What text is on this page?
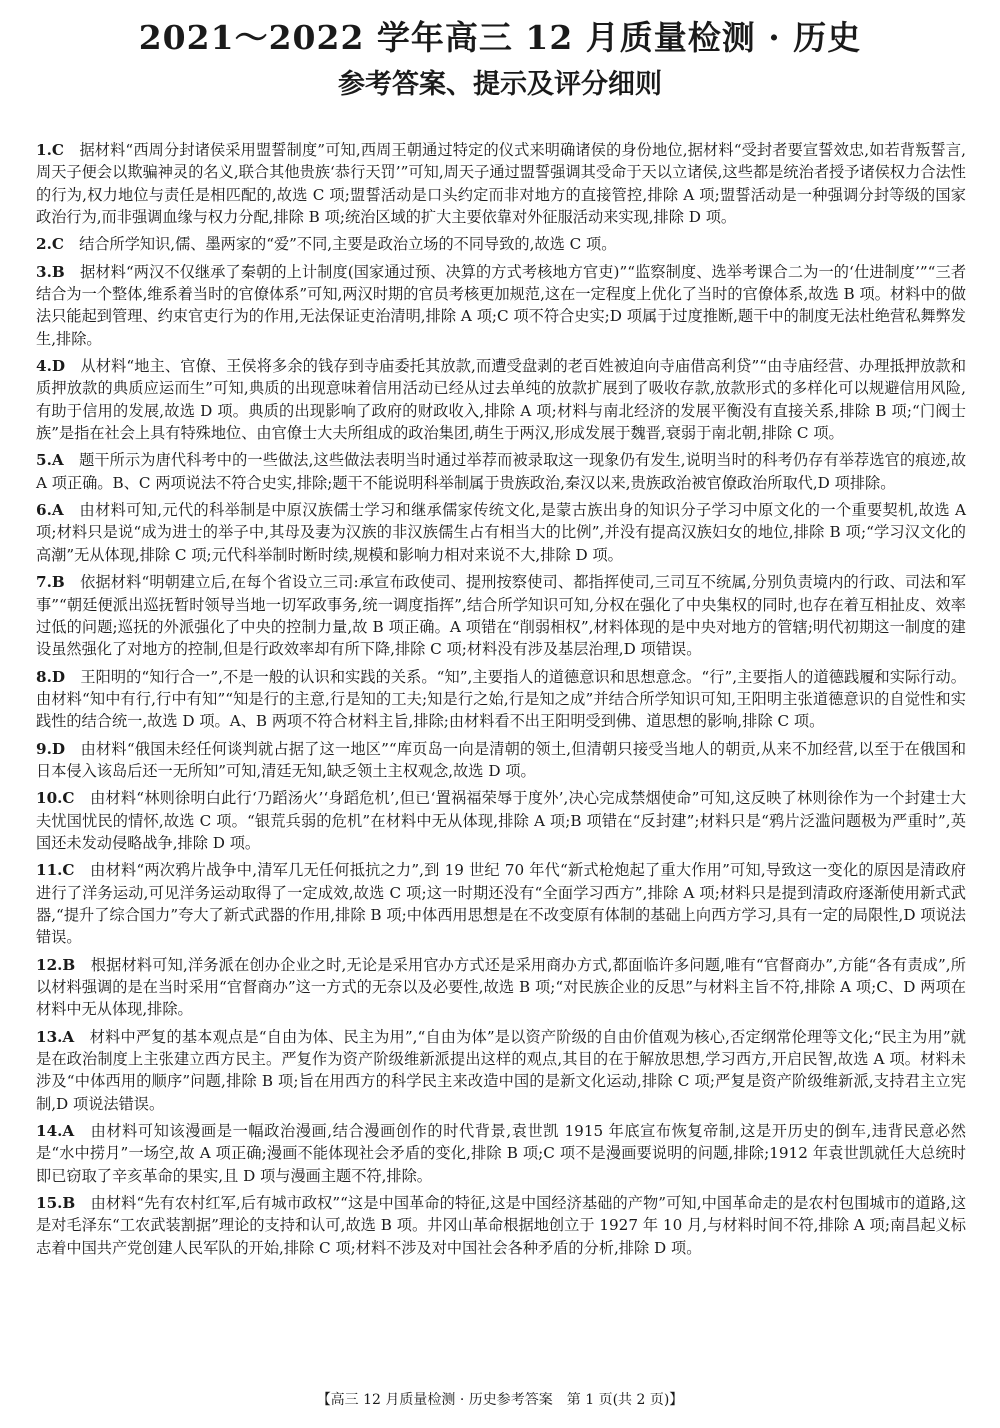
2021～2022 学年高三 12 月质量检测 · 历史
参考答案、提示及评分细则

1.C　 据材料“西周分封诸侯采用盟誓制度”可知,西周王朝通过特定的仪式来明确诸侯的身份地位,据材料“受封者要宣誓效忠,如若背叛誓言,周天子便会以欺骗神灵的名义,联合其他贵族‘恭行天罚’”可知,周天子通过盟誓强调其受命于天以立诸侯,这些都是统治者授予诸侯权力合法性的行为,权力地位与责任是相匹配的,故选 C 项;盟誓活动是口头约定而非对地方的直接管控,排除 A 项;盟誓活动是一种强调分封等级的国家政治行为,而非强调血缘与权力分配,排除 B 项;统治区域的扩大主要依靠对外征服活动来实现,排除 D 项。

2.C　 结合所学知识,儒、墨两家的“爱”不同,主要是政治立场的不同导致的,故选 C 项。

3.B　 据材料“两汉不仅继承了秦朝的上计制度(国家通过预、决算的方式考核地方官吏)”“监察制度、选举考课合二为一的‘仕进制度’”“三者结合为一个整体,维系着当时的官僚体系”可知,两汉时期的官员考核更加规范,这在一定程度上优化了当时的官僚体系,故选 B 项。材料中的做法只能起到管理、约束官吏行为的作用,无法保证吏治清明,排除 A 项;C 项不符合史实;D 项属于过度推断,题干中的制度无法杜绝营私舞弊发生,排除。

4.D　 从材料“地主、官僚、王侯将多余的钱存到寺庙委托其放款,而遭受盘剥的老百姓被迫向寺庙借高利贷”“由寺庙经营、办理抵押放款和质押放款的典质应运而生”可知,典质的出现意味着信用活动已经从过去单纯的放款扩展到了吸收存款,放款形式的多样化可以规避信用风险,有助于信用的发展,故选 D 项。典质的出现影响了政府的财政收入,排除 A 项;材料与南北经济的发展平衡没有直接关系,排除 B 项;“门阀士族”是指在社会上具有特殊地位、由官僚士大夫所组成的政治集团,萌生于两汉,形成发展于魏晋,衰弱于南北朝,排除 C 项。

5.A　 题干所示为唐代科考中的一些做法,这些做法表明当时通过举荐而被录取这一现象仍有发生,说明当时的科考仍存有举荐选官的痕迹,故 A 项正确。B、C 两项说法不符合史实,排除;题干不能说明科举制属于贵族政治,秦汉以来,贵族政治被官僚政治所取代,D 项排除。

6.A　 由材料可知,元代的科举制是中原汉族儒士学习和继承儒家传统文化,是蒙古族出身的知识分子学习中原文化的一个重要契机,故选 A 项;材料只是说“成为进士的举子中,其母及妻为汉族的非汉族儒生占有相当大的比例”,并没有提高汉族妇女的地位,排除 B 项;“学习汉文化的高潮”无从体现,排除 C 项;元代科举制时断时续,规模和影响力相对来说不大,排除 D 项。

7.B　 依据材料“明朝建立后,在每个省设立三司:承宣布政使司、提刑按察使司、都指挥使司,三司互不统属,分别负责境内的行政、司法和军事”“朝廷便派出巡抚暂时领导当地一切军政事务,统一调度指挥”,结合所学知识可知,分权在强化了中央集权的同时,也存在着互相扯皮、效率过低的问题;巡抚的外派强化了中央的控制力量,故 B 项正确。A 项错在“削弱相权”,材料体现的是中央对地方的管辖;明代初期这一制度的建设虽然强化了对地方的控制,但是行政效率却有所下降,排除 C 项;材料没有涉及基层治理,D 项错误。

8.D　 王阳明的“知行合一”,不是一般的认识和实践的关系。“知”,主要指人的道德意识和思想意念。“行”,主要指人的道德践履和实际行动。由材料“知中有行,行中有知”“知是行的主意,行是知的工夫;知是行之始,行是知之成”并结合所学知识可知,王阳明主张道德意识的自觉性和实践性的结合统一,故选 D 项。A、B 两项不符合材料主旨,排除;由材料看不出王阳明受到佛、道思想的影响,排除 C 项。

9.D　 由材料“俄国未经任何谈判就占据了这一地区”“库页岛一向是清朝的领土,但清朝只接受当地人的朝贡,从来不加经营,以至于在俄国和日本侵入该岛后还一无所知”可知,清廷无知,缺乏领土主权观念,故选 D 项。

10.C　 由材料“林则徐明白此行‘乃蹈汤火’‘身蹈危机’,但已‘置祸福荣辱于度外’,决心完成禁烟使命”可知,这反映了林则徐作为一个封建士大夫忧国忧民的情怀,故选 C 项。“银荒兵弱的危机”在材料中无从体现,排除 A 项;B 项错在“反封建”;材料只是“鸦片泛滥问题极为严重时”,英国还未发动侵略战争,排除 D 项。

11.C　 由材料“两次鸦片战争中,清军几无任何抵抗之力”,到 19 世纪 70 年代“新式枪炮起了重大作用”可知,导致这一变化的原因是清政府进行了洋务运动,可见洋务运动取得了一定成效,故选 C 项;这一时期还没有“全面学习西方”,排除 A 项;材料只是提到清政府逐渐使用新式武器,“提升了综合国力”夸大了新式武器的作用,排除 B 项;中体西用思想是在不改变原有体制的基础上向西方学习,具有一定的局限性,D 项说法错误。

12.B　 根据材料可知,洋务派在创办企业之时,无论是采用官办方式还是采用商办方式,都面临许多问题,唯有“官督商办”,方能“各有责成”,所以材料强调的是在当时采用“官督商办”这一方式的无奈以及必要性,故选 B 项;“对民族企业的反思”与材料主旨不符,排除 A 项;C、D 两项在材料中无从体现,排除。

13.A　 材料中严复的基本观点是“自由为体、民主为用”,“自由为体”是以资产阶级的自由价值观为核心,否定纲常伦理等文化;“民主为用”就是在政治制度上主张建立西方民主。严复作为资产阶级维新派提出这样的观点,其目的在于解放思想,学习西方,开启民智,故选 A 项。材料未涉及“中体西用的顺序”问题,排除 B 项;旨在用西方的科学民主来改造中国的是新文化运动,排除 C 项;严复是资产阶级维新派,支持君主立宪制,D 项说法错误。

14.A　 由材料可知该漫画是一幅政治漫画,结合漫画创作的时代背景,袁世凯 1915 年底宣布恢复帝制,这是开历史的倒车,违背民意必然是“水中捞月”一场空,故 A 项正确;漫画不能体现社会矛盾的变化,排除 B 项;C 项不是漫画要说明的问题,排除;1912 年袁世凯就任大总统时即已窃取了辛亥革命的果实,且 D 项与漫画主题不符,排除。

15.B　 由材料“先有农村红军,后有城市政权”“这是中国革命的特征,这是中国经济基础的产物”可知,中国革命走的是农村包围城市的道路,这是对毛泽东“工农武装割据”理论的支持和认可,故选 B 项。井冈山革命根据地创立于 1927 年 10 月,与材料时间不符,排除 A 项;南昌起义标志着中国共产党创建人民军队的开始,排除 C 项;材料不涉及对中国社会各种矛盾的分析,排除 D 项。

【高三 12 月质量检测 · 历史参考答案　 第 1 页(共 2 页)】
